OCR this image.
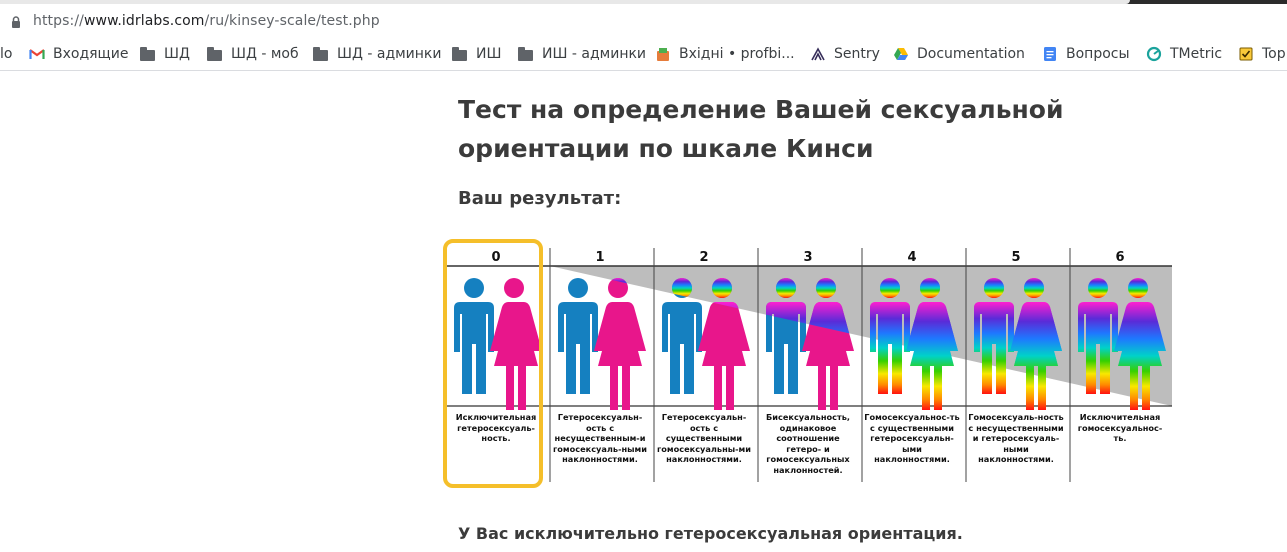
https://www.idrlabs.com/ru/kinsey-scale/test.php
lo	Входящие	ШД	ШД - моб	ШД - админки ИШ	ИШ - админки Вхідні • profbi...	Sentry	Documentation	Вопросы	TMetric	Top
Тест на определение Вашей сексуальной ориентации по шкале Кинси
Ваш результат:
0	1	2	3	4	5	6
Исключительная гетеросексуаль-ность.
Гетеросексуальн-ость с несущественным-и гомосексуаль-ными наклонностями.
Гетеросексуальн-ость с существенными гомосексуальны-ми наклонностями.
Бисексуальность, одинаковое соотношение гетеро- и гомосексуальных наклонностей.
Гомосексуальнос-ть с существенными гетеросексуальн-ыми наклонностями.
Гомосексуаль-ность с несущественными и гетеросексуаль-ными наклонностями.
Исключительная гомосексуальнос-ть.
У Вас исключительно гетеросексуальная ориентация.
